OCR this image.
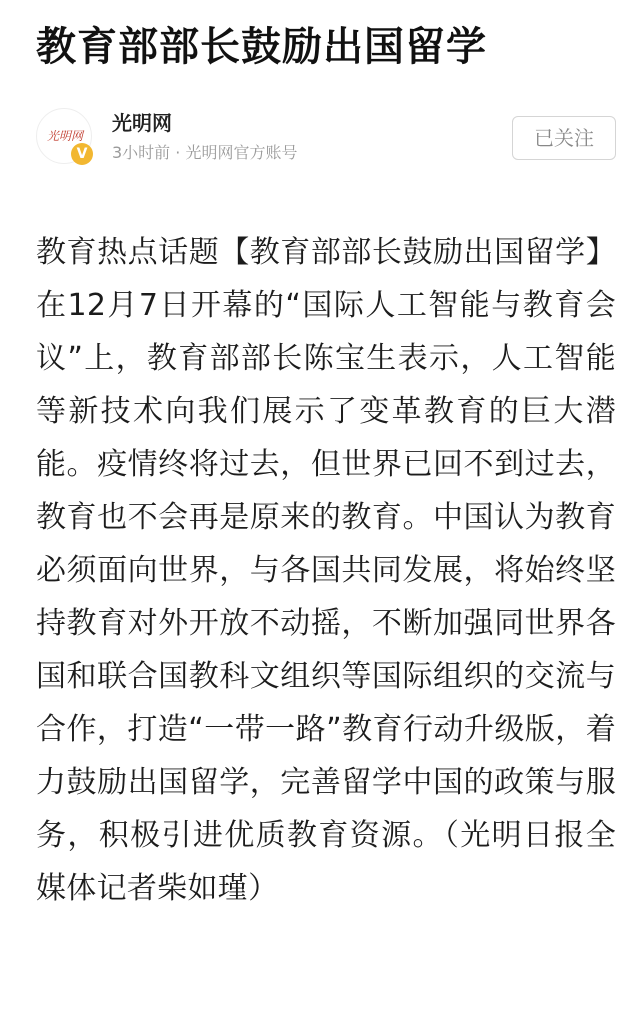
教育部部长鼓励出国留学
光明网
V
光明网
3小时前 · 光明网官方账号
已关注
教育热点话题【教育部部长鼓励出国留学】在12月7日开幕的“国际人工智能与教育会议”上，教育部部长陈宝生表示，人工智能等新技术向我们展示了变革教育的巨大潜能。疫情终将过去，但世界已回不到过去，教育也不会再是原来的教育。中国认为教育必须面向世界，与各国共同发展，将始终坚持教育对外开放不动摇，不断加强同世界各国和联合国教科文组织等国际组织的交流与合作，打造“一带一路”教育行动升级版，着力鼓励出国留学，完善留学中国的政策与服务，积极引进优质教育资源。（光明日报全媒体记者柴如瑾）
